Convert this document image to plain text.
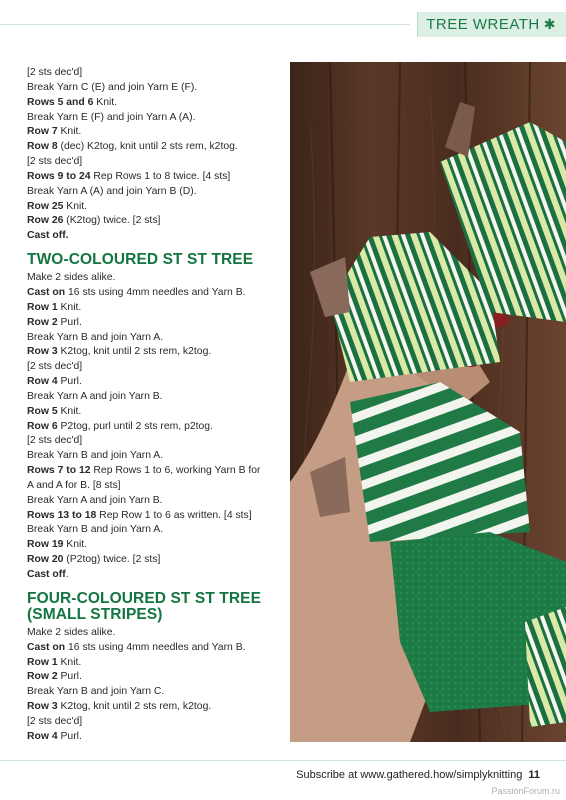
TREE WREATH ✱
[2 sts dec'd]
Break Yarn C (E) and join Yarn E (F).
Rows 5 and 6 Knit.
Break Yarn E (F) and join Yarn A (A).
Row 7 Knit.
Row 8 (dec) K2tog, knit until 2 sts rem, k2tog.
[2 sts dec'd]
Rows 9 to 24 Rep Rows 1 to 8 twice. [4 sts]
Break Yarn A (A) and join Yarn B (D).
Row 25 Knit.
Row 26 (K2tog) twice. [2 sts]
Cast off.
TWO-COLOURED ST ST TREE
Make 2 sides alike.
Cast on 16 sts using 4mm needles and Yarn B.
Row 1 Knit.
Row 2 Purl.
Break Yarn B and join Yarn A.
Row 3 K2tog, knit until 2 sts rem, k2tog.
[2 sts dec'd]
Row 4 Purl.
Break Yarn A and join Yarn B.
Row 5 Knit.
Row 6 P2tog, purl until 2 sts rem, p2tog.
[2 sts dec'd]
Break Yarn B and join Yarn A.
Rows 7 to 12 Rep Rows 1 to 6, working Yarn B for
A and A for B. [8 sts]
Break Yarn A and join Yarn B.
Rows 13 to 18 Rep Row 1 to 6 as written. [4 sts]
Break Yarn B and join Yarn A.
Row 19 Knit.
Row 20 (P2tog) twice. [2 sts]
Cast off.
FOUR-COLOURED ST ST TREE
(SMALL STRIPES)
Make 2 sides alike.
Cast on 16 sts using 4mm needles and Yarn B.
Row 1 Knit.
Row 2 Purl.
Break Yarn B and join Yarn C.
Row 3 K2tog, knit until 2 sts rem, k2tog.
[2 sts dec'd]
Row 4 Purl.
Subscribe at www.gathered.how/simplyknitting 11
PassionForum.ru
